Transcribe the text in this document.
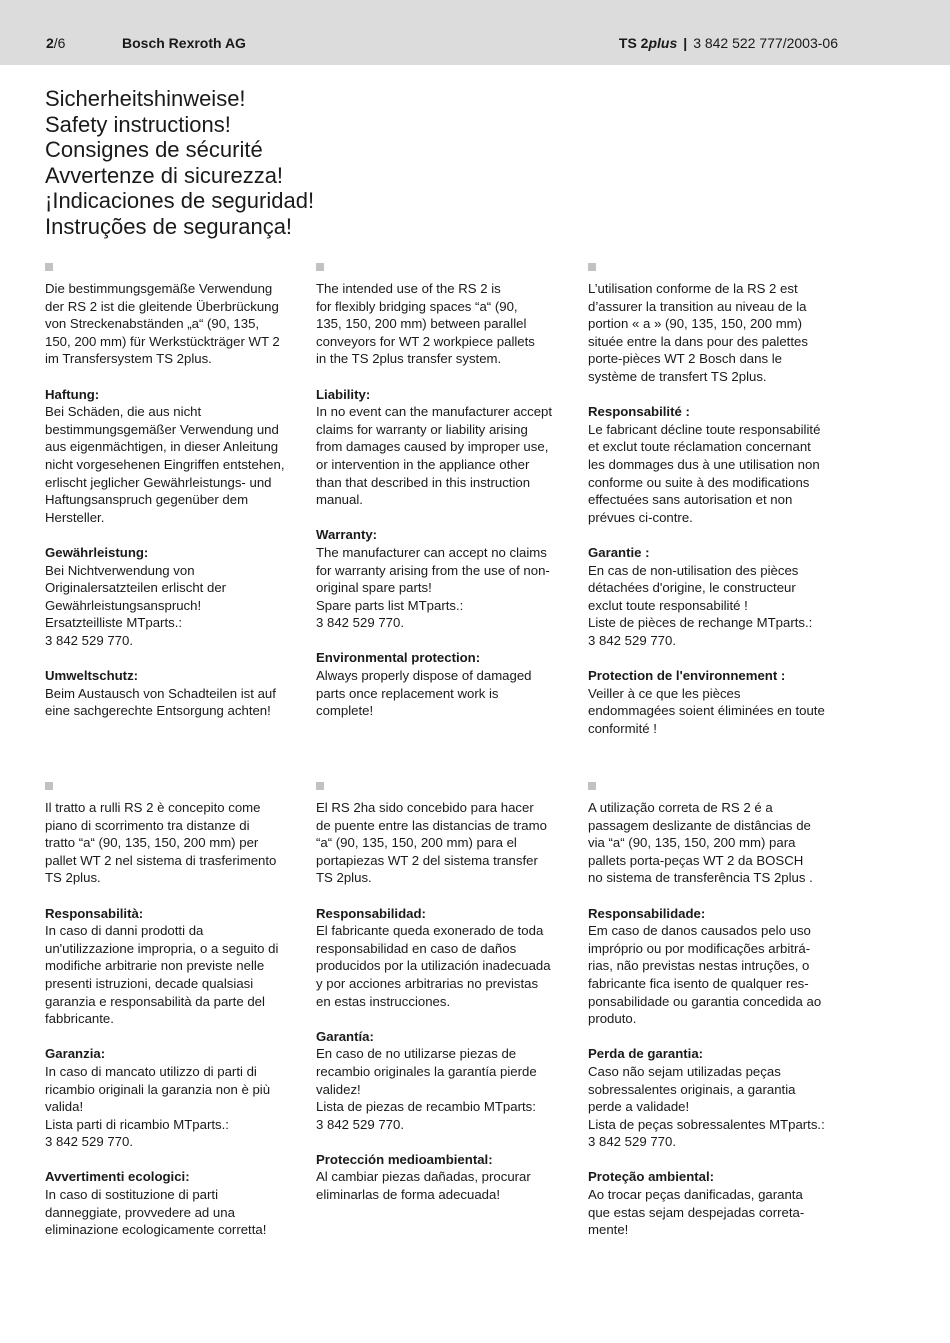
2/6	Bosch Rexroth AG	TS 2plus | 3 842 522 777/2003-06
Sicherheitshinweise!
Safety instructions!
Consignes de sécurité
Avvertenze di sicurezza!
¡Indicaciones de seguridad!
Instruções de segurança!
Die bestimmungsgemäße Verwendung
der RS 2 ist die gleitende Überbrückung
von Streckenabständen „a“ (90, 135,
150, 200 mm) für Werkstückträger WT 2
im Transfersystem TS 2plus.
Haftung:
Bei Schäden, die aus nicht
bestimmungsgemäßer Verwendung und
aus eigenmächtigen, in dieser Anleitung
nicht vorgesehenen Eingriffen entstehen,
erlischt jeglicher Gewährleistungs- und
Haftungsanspruch gegenüber dem
Hersteller.
Gewährleistung:
Bei Nichtverwendung von
Originalersatzteilen erlischt der
Gewährleistungsanspruch!
Ersatzteilliste MTparts.:
3 842 529 770.
Umweltschutz:
Beim Austausch von Schadteilen ist auf
eine sachgerechte Entsorgung achten!
The intended use of the RS 2 is
for flexibly bridging spaces “a“ (90,
135, 150, 200 mm) between parallel
conveyors for WT 2 workpiece pallets
in the TS 2plus transfer system.
Liability:
In no event can the manufacturer accept
claims for warranty or liability arising
from damages caused by improper use,
or intervention in the appliance other
than that described in this instruction
manual.
Warranty:
The manufacturer can accept no claims
for warranty arising from the use of non-
original spare parts!
Spare parts list MTparts.:
3 842 529 770.
Environmental protection:
Always properly dispose of damaged
parts once replacement work is
complete!
L’utilisation conforme de la RS 2 est
d’assurer la transition au niveau de la
portion « a » (90, 135, 150, 200 mm)
située entre la dans pour des palettes
porte-pièces WT 2 Bosch dans le
système de transfert TS 2plus.
Responsabilité :
Le fabricant décline toute responsabilité
et exclut toute réclamation concernant
les dommages dus à une utilisation non
conforme ou suite à des modifications
effectuées sans autorisation et non
prévues ci-contre.
Garantie :
En cas de non-utilisation des pièces
détachées d'origine, le constructeur
exclut toute responsabilité !
Liste de pièces de rechange MTparts.:
3 842 529 770.
Protection de l'environnement :
Veiller à ce que les pièces
endommagées soient éliminées en toute
conformité !
Il tratto a rulli RS 2 è concepito come
piano di scorrimento tra distanze di
tratto “a“ (90, 135, 150, 200 mm) per
pallet WT 2 nel sistema di trasferimento
TS 2plus.
Responsabilità:
In caso di danni prodotti da
un'utilizzazione impropria, o a seguito di
modifiche arbitrarie non previste nelle
presenti istruzioni, decade qualsiasi
garanzia e responsabilità da parte del
fabbricante.
Garanzia:
In caso di mancato utilizzo di parti di
ricambio originali la garanzia non è più
valida!
Lista parti di ricambio MTparts.:
3 842 529 770.
Avvertimenti ecologici:
In caso di sostituzione di parti
danneggiate, provvedere ad una
eliminazione ecologicamente corretta!
El RS 2ha sido concebido para hacer
de puente entre las distancias de tramo
“a“ (90, 135, 150, 200 mm) para el
portapiezas WT 2 del sistema transfer
TS 2plus.
Responsabilidad:
El fabricante queda exonerado de toda
responsabilidad en caso de daños
producidos por la utilización inadecuada
y por acciones arbitrarias no previstas
en estas instrucciones.
Garantía:
En caso de no utilizarse piezas de
recambio originales la garantía pierde
validez!
Lista de piezas de recambio MTparts:
3 842 529 770.
Protección medioambiental:
Al cambiar piezas dañadas, procurar
eliminarlas de forma adecuada!
A utilização correta de RS 2 é a
passagem deslizante de distâncias de
via “a“ (90, 135, 150, 200 mm) para
pallets porta-peças WT 2 da BOSCH
no sistema de transferência TS 2plus .
Responsabilidade:
Em caso de danos causados pelo uso
impróprio ou por modificações arbitrá-
rias, não previstas nestas intruções, o
fabricante fica isento de qualquer res-
ponsabilidade ou garantia concedida ao
produto.
Perda de garantia:
Caso não sejam utilizadas peças
sobressalentes originais, a garantia
perde a validade!
Lista de peças sobressalentes MTparts.:
3 842 529 770.
Proteção ambiental:
Ao trocar peças danificadas, garanta
que estas sejam despejadas correta-
mente!
